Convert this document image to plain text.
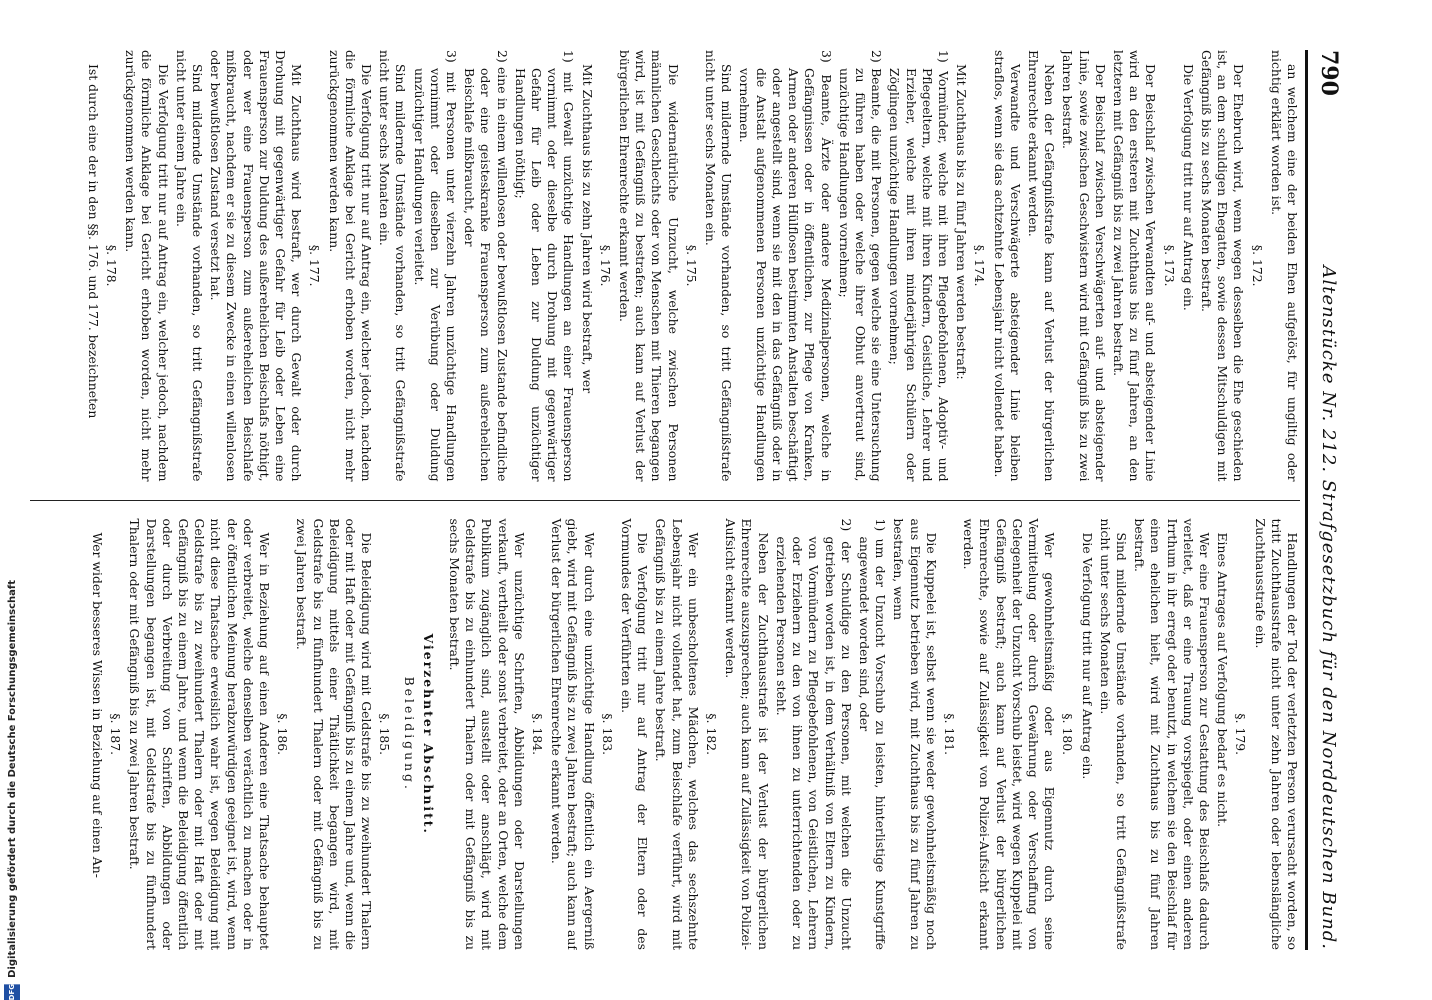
790
Altenstücke Nr. 212. Strafgesetzbuch für den Norddeutschen Bund.

an welchem eine der beiden Ehen aufgelöst, für ungiltig oder nichtig erklärt worden ist.

§. 172.

Der Ehebruch wird, wenn wegen desselben die Ehe geschieden ist, an dem schuldigen Ehegatten, sowie dessen Mitschuldigen mit Gefängniß bis zu sechs Monaten bestraft.

Die Verfolgung tritt nur auf Antrag ein.

§. 173.

Der Beischlaf zwischen Verwandten auf- und absteigender Linie wird an den ersteren mit Zuchthaus bis zu fünf Jahren, an den letzteren mit Gefängniß bis zu zwei Jahren bestraft.

Der Beischlaf zwischen Verschwägerten auf- und absteigender Linie, sowie zwischen Geschwistern wird mit Gefängniß bis zu zwei Jahren bestraft.

Neben der Gefängnißstrafe kann auf Verlust der bürgerlichen Ehrenrechte erkannt werden.

Verwandte und Verschwägerte absteigender Linie bleiben straflos, wenn sie das achtzehnte Lebensjahr nicht vollendet haben.

§. 174.

Mit Zuchthaus bis zu fünf Jahren werden bestraft:

1) Vormünder, welche mit ihren Pflegebefohlenen, Adoptiv- und Pflegeeltern, welche mit ihren Kindern, Geistliche, Lehrer und Erzieher, welche mit ihren minderjährigen Schülern oder Zöglingen unzüchtige Handlungen vornehmen;

2) Beamte, die mit Personen, gegen welche sie eine Untersuchung zu führen haben oder welche ihrer Obhut anvertraut sind, unzüchtige Handlungen vornehmen;

3) Beamte, Ärzte oder andere Medizinalpersonen, welche in Gefängnissen oder in öffentlichen, zur Pflege von Kranken, Armen oder anderen Hülflosen bestimmten Anstalten beschäftigt oder angestellt sind, wenn sie mit den in das Gefängniß oder in die Anstalt aufgenommenen Personen unzüchtige Handlungen vornehmen.

Sind mildernde Umstände vorhanden, so tritt Gefängnißstrafe nicht unter sechs Monaten ein.

§. 175.

Die widernatürliche Unzucht, welche zwischen Personen männlichen Geschlechts oder von Menschen mit Thieren begangen wird, ist mit Gefängniß zu bestrafen; auch kann auf Verlust der bürgerlichen Ehrenrechte erkannt werden.

§. 176.

Mit Zuchthaus bis zu zehn Jahren wird bestraft, wer

1) mit Gewalt unzüchtige Handlungen an einer Frauensperson vornimmt oder dieselbe durch Drohung mit gegenwärtiger Gefahr für Leib oder Leben zur Duldung unzüchtiger Handlungen nöthigt;

2) eine in einem willenlosen oder bewußtlosen Zustande befindliche oder eine geisteskranke Frauensperson zum außerehelichen Beischlafe mißbraucht, oder

3) mit Personen unter vierzehn Jahren unzüchtige Handlungen vornimmt oder dieselben zur Verübung oder Duldung unzüchtiger Handlungen verleitet.

Sind mildernde Umstände vorhanden, so tritt Gefängnißstrafe nicht unter sechs Monaten ein.

Die Verfolgung tritt nur auf Antrag ein, welcher jedoch, nachdem die förmliche Anklage bei Gericht erhoben worden, nicht mehr zurückgenommen werden kann.

§. 177.

Mit Zuchthaus wird bestraft, wer durch Gewalt oder durch Drohung mit gegenwärtiger Gefahr für Leib oder Leben eine Frauensperson zur Duldung des außerehelichen Beischlafs nöthigt, oder wer eine Frauensperson zum außerehelichen Beischlafe mißbraucht, nachdem er sie zu diesem Zwecke in einen willenlosen oder bewußtlosen Zustand versetzt hat.

Sind mildernde Umstände vorhanden, so tritt Gefängnißstrafe nicht unter einem Jahre ein.

Die Verfolgung tritt nur auf Antrag ein, welcher jedoch, nachdem die förmliche Anklage bei Gericht erhoben worden, nicht mehr zurückgenommen werden kann.

§. 178.

Ist durch eine der in den §§. 176. und 177. bezeichneten

Handlungen der Tod der verletzten Person verursacht worden, so tritt Zuchthausstrafe nicht unter zehn Jahren oder lebenslängliche Zuchthausstrafe ein.

§. 179.

Eines Antrages auf Verfolgung bedarf es nicht.

Wer eine Frauensperson zur Gestattung des Beischlafs dadurch verleitet, daß er eine Trauung vorspiegelt, oder einen anderen Irrthum in ihr erregt oder benutzt, in welchem sie den Beischlaf für einen ehelichen hielt, wird mit Zuchthaus bis zu fünf Jahren bestraft.

Sind mildernde Umstände vorhanden, so tritt Gefängnißstrafe nicht unter sechs Monaten ein.

Die Verfolgung tritt nur auf Antrag ein.

§. 180.

Wer gewohnheitsmäßig oder aus Eigennutz durch seine Vermittelung oder durch Gewährung oder Verschaffung von Gelegenheit der Unzucht Vorschub leistet, wird wegen Kuppelei mit Gefängniß bestraft; auch kann auf Verlust der bürgerlichen Ehrenrechte, sowie auf Zulässigkeit von Polizei-Aufsicht erkannt werden.

§. 181.

Die Kuppelei ist, selbst wenn sie weder gewohnheitsmäßig noch aus Eigennutz betrieben wird, mit Zuchthaus bis zu fünf Jahren zu bestrafen, wenn

1) um der Unzucht Vorschub zu leisten, hinterlistige Kunstgriffe angewendet worden sind, oder

2) der Schuldige zu den Personen, mit welchen die Unzucht getrieben worden ist, in dem Verhältniß von Eltern zu Kindern, von Vormündern zu Pflegebefohlenen, von Geistlichen, Lehrern oder Erziehern zu den von ihnen zu unterrichtenden oder zu erziehenden Personen steht.

Neben der Zuchthausstrafe ist der Verlust der bürgerlichen Ehrenrechte auszusprechen; auch kann auf Zulässigkeit von Polizei-Aufsicht erkannt werden.

§. 182.

Wer ein unbescholtenes Mädchen, welches das sechszehnte Lebensjahr nicht vollendet hat, zum Beischlafe verführt, wird mit Gefängniß bis zu einem Jahre bestraft.

Die Verfolgung tritt nur auf Antrag der Eltern oder des Vormundes der Verführten ein.

§. 183.

Wer durch eine unzüchtige Handlung öffentlich ein Aergerniß giebt, wird mit Gefängniß bis zu zwei Jahren bestraft; auch kann auf Verlust der bürgerlichen Ehrenrechte erkannt werden.

§. 184.

Wer unzüchtige Schriften, Abbildungen oder Darstellungen verkauft, vertheilt oder sonst verbreitet, oder an Orten, welche dem Publikum zugänglich sind, ausstellt oder anschlägt, wird mit Geldstrafe bis zu einhundert Thalern oder mit Gefängniß bis zu sechs Monaten bestraft.

Vierzehnter Abschnitt.
Beleidigung.
§. 185.

Die Beleidigung wird mit Geldstrafe bis zu zweihundert Thalern oder mit Haft oder mit Gefängniß bis zu einem Jahre und, wenn die Beleidigung mittels einer Thätlichkeit begangen wird, mit Geldstrafe bis zu fünfhundert Thalern oder mit Gefängniß bis zu zwei Jahren bestraft.

§. 186.

Wer in Beziehung auf einen Anderen eine Thatsache behauptet oder verbreitet, welche denselben verächtlich zu machen oder in der öffentlichen Meinung herabzuwürdigen geeignet ist, wird, wenn nicht diese Thatsache erweislich wahr ist, wegen Beleidigung mit Geldstrafe bis zu zweihundert Thalern oder mit Haft oder mit Gefängniß bis zu einem Jahre, und wenn die Beleidigung öffentlich oder durch Verbreitung von Schriften, Abbildungen oder Darstellungen begangen ist, mit Geldstrafe bis zu fünfhundert Thalern oder mit Gefängniß bis zu zwei Jahren bestraft.

§. 187.

Wer wider besseres Wissen in Beziehung auf einen An-

Digitalisierung gefördert durch die Deutsche Forschungsgemeinschaft
DFG
